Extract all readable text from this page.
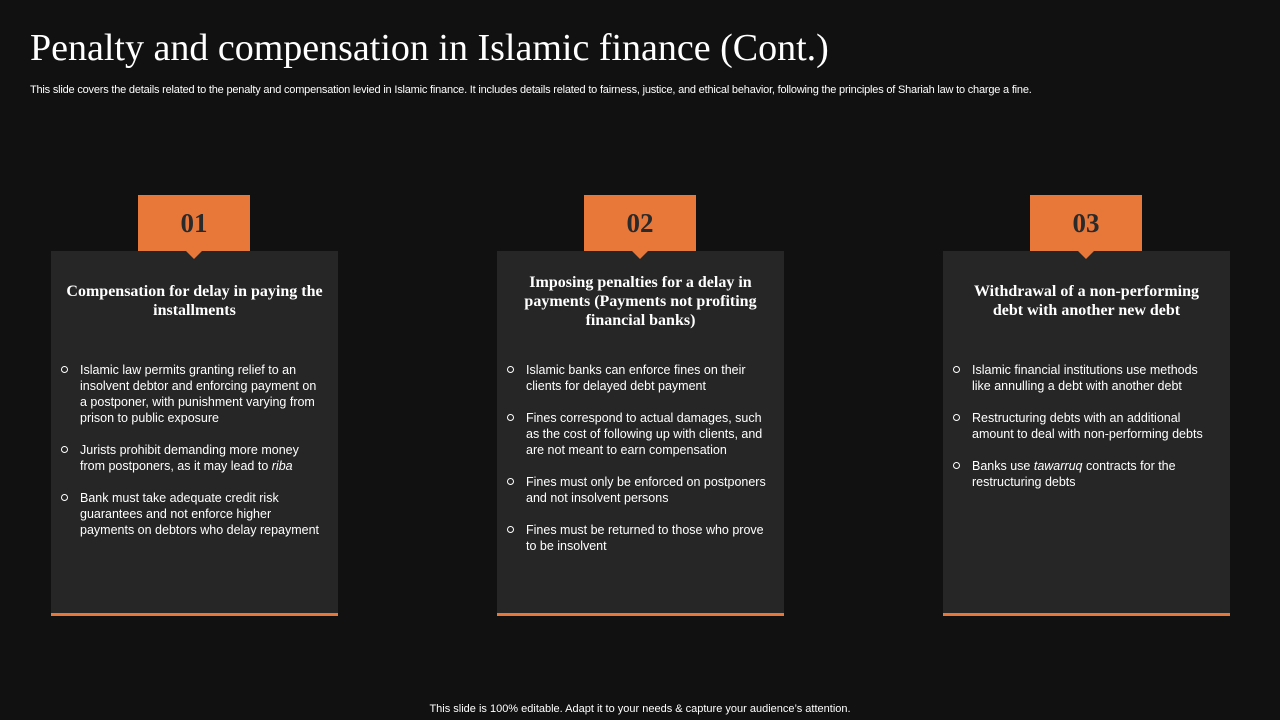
Penalty and compensation in Islamic finance (Cont.)

This slide covers the details related to the penalty and compensation levied in Islamic finance. It includes details related to fairness, justice, and ethical behavior, following the principles of Shariah law to charge a fine.

Compensation for delay in paying the installments
Islamic law permits granting relief to an insolvent debtor and enforcing payment on a postponer, with punishment varying from prison to public exposure
Jurists prohibit demanding more money from postponers, as it may lead to riba
Bank must take adequate credit risk guarantees and not enforce higher payments on debtors who delay repayment
01
Imposing penalties for a delay in payments (Payments not profiting financial banks)
Islamic banks can enforce fines on their clients for delayed debt payment
Fines correspond to actual damages, such as the cost of following up with clients, and are not meant to earn compensation
Fines must only be enforced on postponers and not insolvent persons
Fines must be returned to those who prove to be insolvent
02
Withdrawal of a non-performing debt with another new debt
Islamic financial institutions use methods like annulling a debt with another debt
Restructuring debts with an additional amount to deal with non-performing debts
Banks use tawarruq contracts for the restructuring debts
03
This slide is 100% editable. Adapt it to your needs & capture your audience’s attention.
